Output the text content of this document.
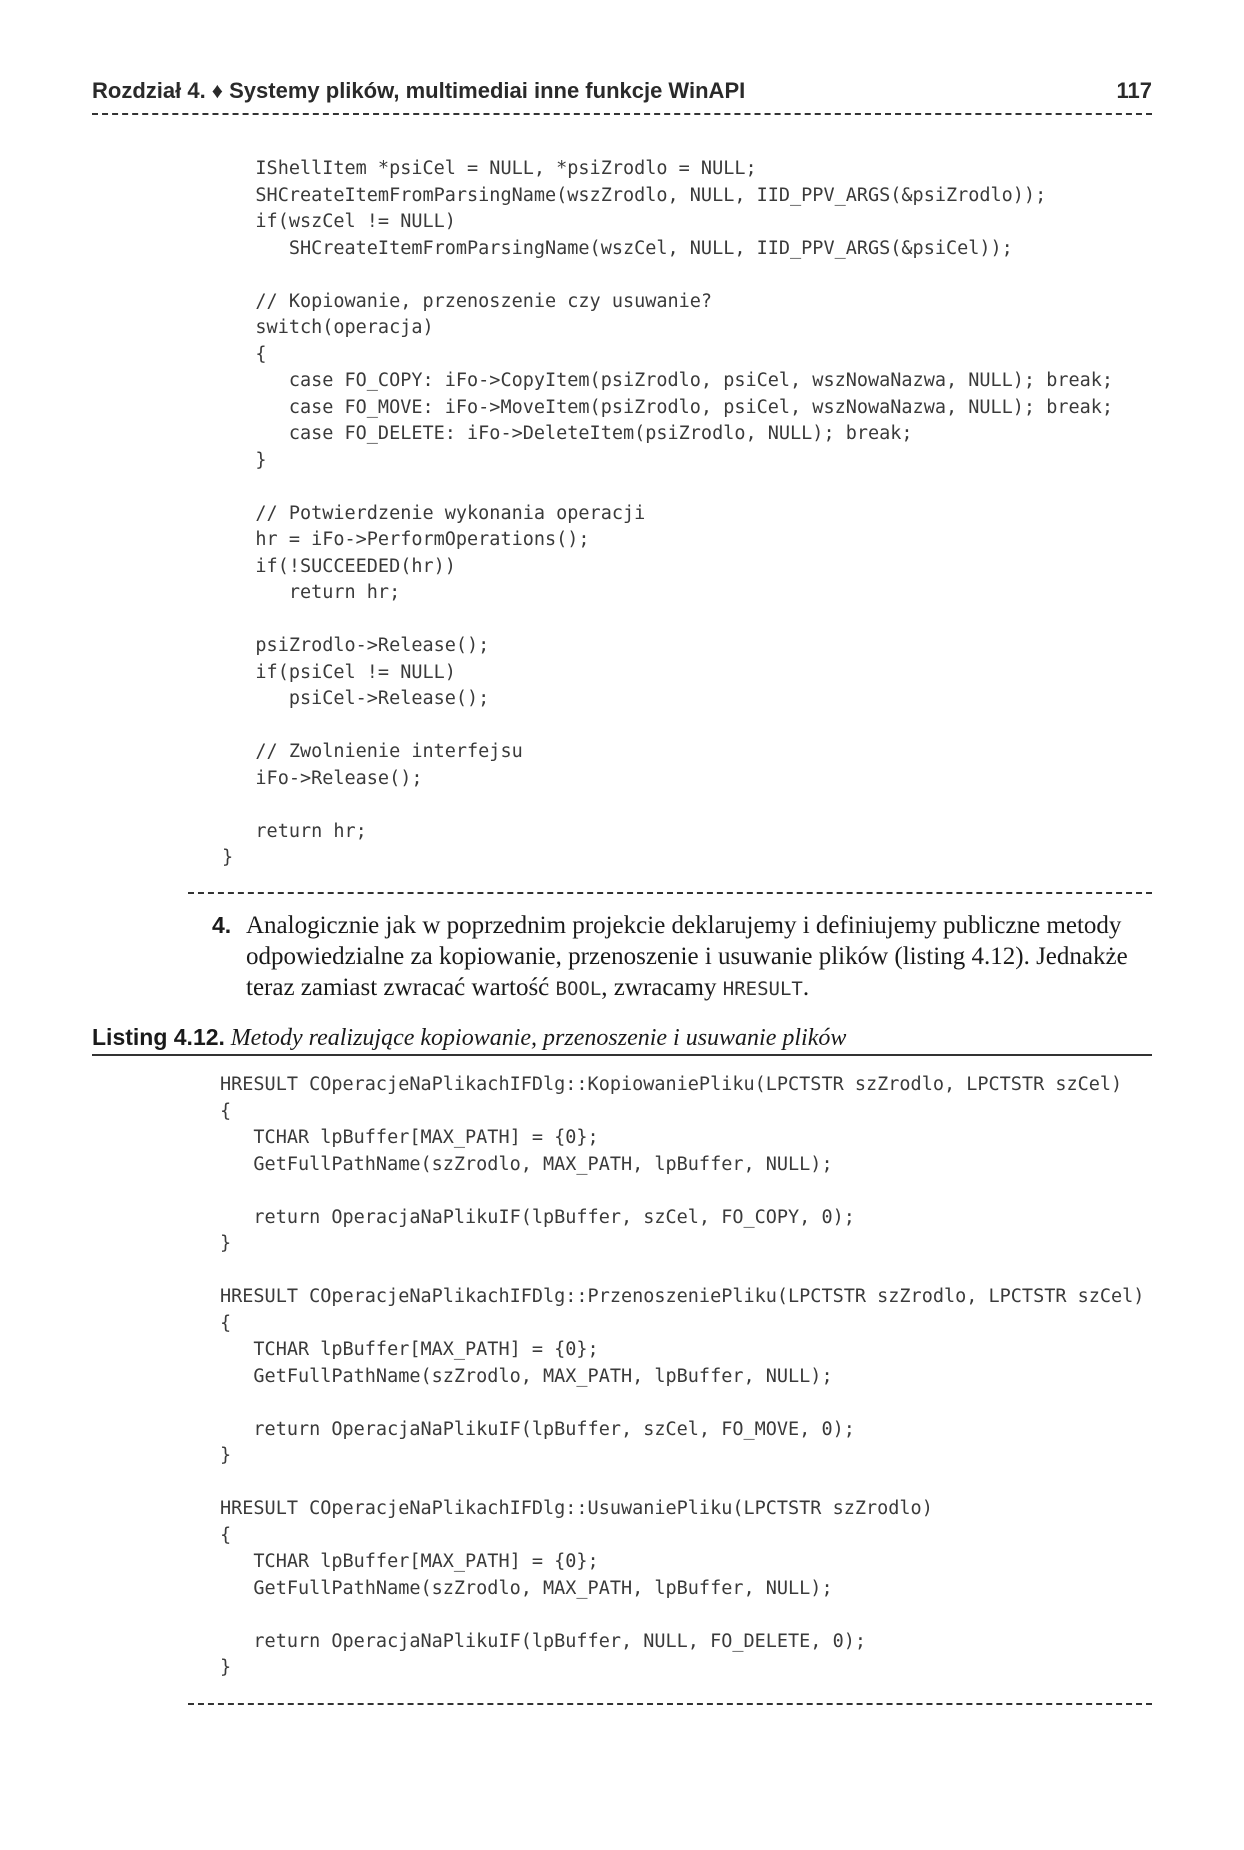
Rozdział 4. ♦ Systemy plików, multimediai inne funkcje WinAPI	117
IShellItem *psiCel = NULL, *psiZrodlo = NULL;
SHCreateItemFromParsingName(wszZrodlo, NULL, IID_PPV_ARGS(&psiZrodlo));
if(wszCel != NULL)
SHCreateItemFromParsingName(wszCel, NULL, IID_PPV_ARGS(&psiCel));

// Kopiowanie, przenoszenie czy usuwanie?
switch(operacja)
{
case FO_COPY: iFo->CopyItem(psiZrodlo, psiCel, wszNowaNazwa, NULL); break;
case FO_MOVE: iFo->MoveItem(psiZrodlo, psiCel, wszNowaNazwa, NULL); break;
case FO_DELETE: iFo->DeleteItem(psiZrodlo, NULL); break;
}

// Potwierdzenie wykonania operacji
hr = iFo->PerformOperations();
if(!SUCCEEDED(hr))
return hr;

psiZrodlo->Release();
if(psiCel != NULL)
psiCel->Release();

// Zwolnienie interfejsu
iFo->Release();

return hr;
}
4. Analogicznie jak w poprzednim projekcie deklarujemy i definiujemy publiczne metody odpowiedzialne za kopiowanie, przenoszenie i usuwanie plików (listing 4.12). Jednakże teraz zamiast zwracać wartość BOOL, zwracamy HRESULT.
Listing 4.12. Metody realizujące kopiowanie, przenoszenie i usuwanie plików
HRESULT COperacjeNaPlikachIFDlg::KopiowaniePliku(LPCTSTR szZrodlo, LPCTSTR szCel)
{
TCHAR lpBuffer[MAX_PATH] = {0};
GetFullPathName(szZrodlo, MAX_PATH, lpBuffer, NULL);

return OperacjaNaPlikuIF(lpBuffer, szCel, FO_COPY, 0);
}

HRESULT COperacjeNaPlikachIFDlg::PrzenoszeniePliku(LPCTSTR szZrodlo, LPCTSTR szCel)
{
TCHAR lpBuffer[MAX_PATH] = {0};
GetFullPathName(szZrodlo, MAX_PATH, lpBuffer, NULL);

return OperacjaNaPlikuIF(lpBuffer, szCel, FO_MOVE, 0);
}

HRESULT COperacjeNaPlikachIFDlg::UsuwaniePliku(LPCTSTR szZrodlo)
{
TCHAR lpBuffer[MAX_PATH] = {0};
GetFullPathName(szZrodlo, MAX_PATH, lpBuffer, NULL);

return OperacjaNaPlikuIF(lpBuffer, NULL, FO_DELETE, 0);
}
